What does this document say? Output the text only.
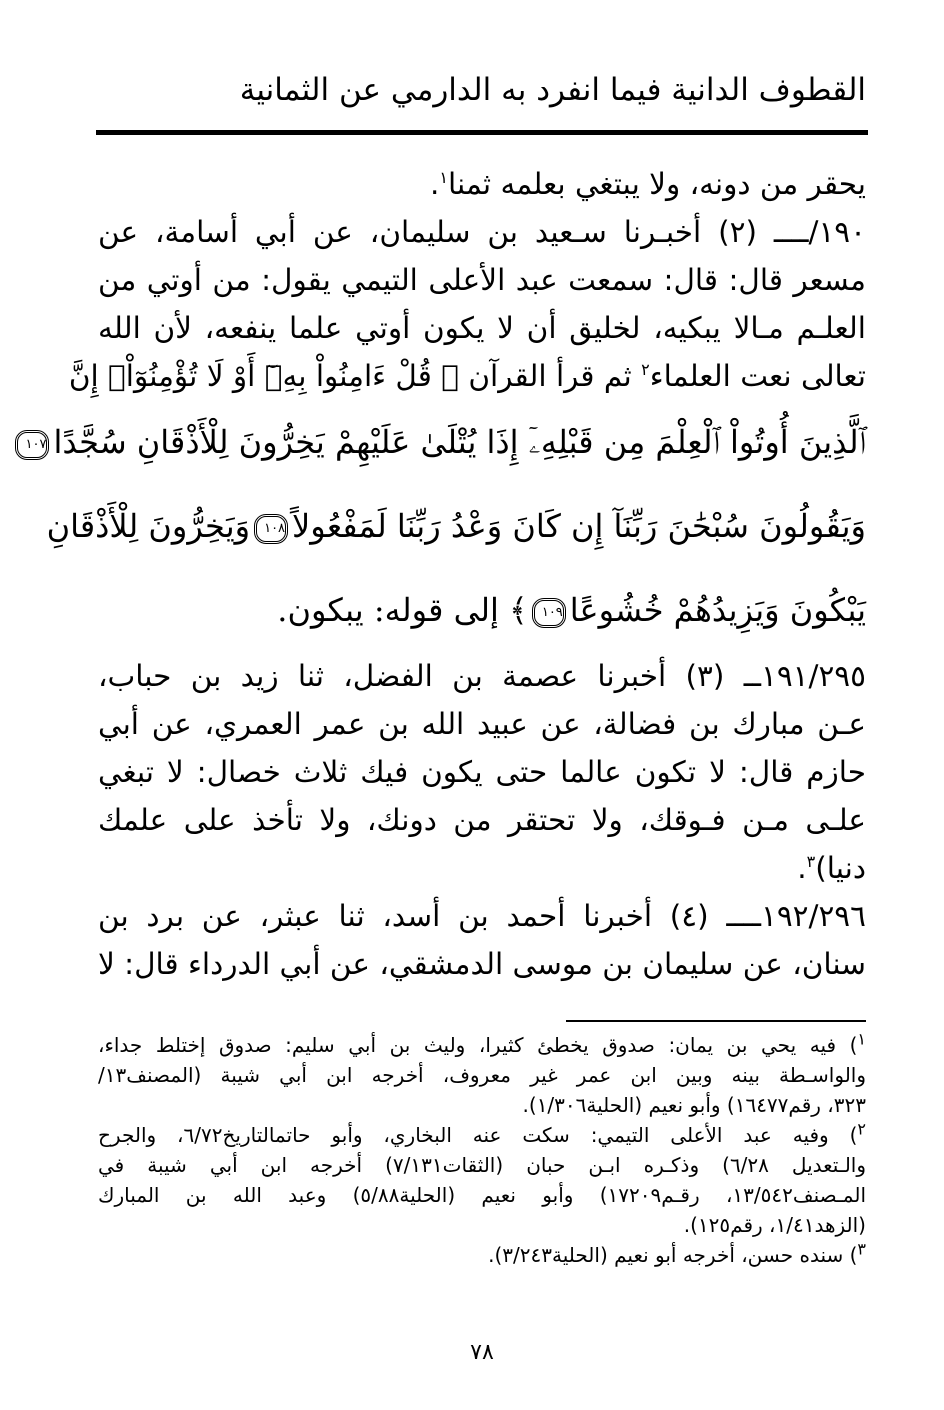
القطوف الدانية فيما انفرد به الدارمي عن الثمانية
يحقر من دونه، ولا يبتغي بعلمه ثمنا$^١$.
١٩٠/ــــ (٢) أخبـرنا سـعيد بن سليمان، عن أبي أسامة، عن
مسعر قال: قال: سمعت عبد الأعلى التيمي يقول: من أوتي من
العلـم مـالا يبكيه، لخليق أن لا يكون أوتي علما ينفعه، لأن الله
تعالى نعت العلماء$^٢$ ثم قرأ القرآن ﴿ قُلْ ءَامِنُواْ بِهِۦٓ أَوْ لَا تُؤْمِنُوٓاْۚ إِنَّ
ٱلَّذِينَ أُوتُواْ ٱلْعِلْمَ مِن قَبْلِهِۦٓ إِذَا يُتْلَىٰ عَلَيْهِمْ يَخِرُّونَ لِلْأَذْقَانِ سُجَّدًا١٠٧
وَيَقُولُونَ سُبْحَٰنَ رَبِّنَآ إِن كَانَ وَعْدُ رَبِّنَا لَمَفْعُولاً١٠٨وَيَخِرُّونَ لِلْأَذْقَانِ
يَبْكُونَ وَيَزِيدُهُمْ خُشُوعًا١٠٩﴾ إلى قوله: يبكون.
١٩١/٢٩٥ــ (٣) أخبرنا عصمة بن الفضل، ثنا زيد بن حباب،
عـن مبارك بن فضالة، عن عبيد الله بن عمر العمري، عن أبي
حازم قال: لا تكون عالما حتى يكون فيك ثلاث خصال: لا تبغي
علـى مـن فـوقك، ولا تحتقر من دونك، ولا تأخذ على علمك
دنيا)$^٣$.
١٩٢/٢٩٦ــــ (٤) أخبرنا أحمد بن أسد، ثنا عبثر، عن برد بن
سنان، عن سليمان بن موسى الدمشقي، عن أبي الدرداء قال: لا
$^١$) فيه يحي بن يمان: صدوق يخطئ كثيرا، وليث بن أبي سليم: صدوق إختلط جداء،
والواسـطة بينه وبين ابن عمر غير معروف، أخرجه ابن أبي شيبة (المصنف١٣/
٣٢٣، رقم١٦٤٧٧) وأبو نعيم (الحلية١/٣٠٦).
$^٢$) وفيه عبد الأعلى التيمي: سكت عنه البخاري، وأبو حاتمالتاريخ٦/٧٢، والجرح
والـتعديل ٦/٢٨) وذكـره ابـن حبان (الثقات٧/١٣١) أخرجه ابن أبي شيبة في
المـصنف١٣/٥٤٢، رقـم١٧٢٠٩) وأبو نعيم (الحلية٥/٨٨) وعبد الله بن المبارك
(الزهد١/٤١، رقم١٢٥).
$^٣$) سنده حسن، أخرجه أبو نعيم (الحلية٣/٢٤٣).
٧٨
